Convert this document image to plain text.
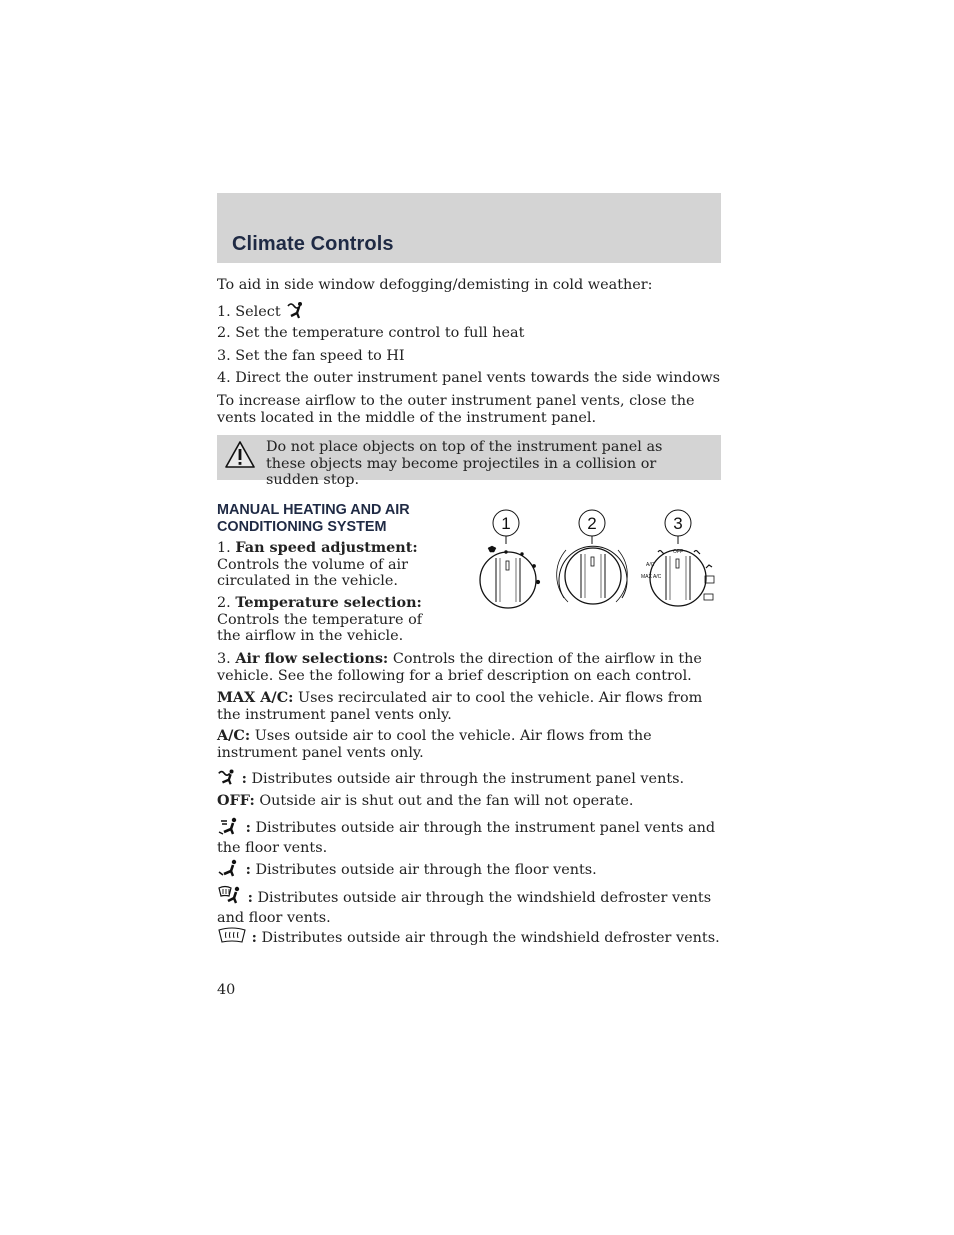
Climate Controls

To aid in side window defogging/demisting in cold weather:

1. Select

2. Set the temperature control to full heat

3. Set the fan speed to HI

4. Direct the outer instrument panel vents towards the side windows

To increase airflow to the outer instrument panel vents, close the vents located in the middle of the instrument panel.

Do not place objects on top of the instrument panel as these objects may become projectiles in a collision or sudden stop.

MANUAL HEATING AND AIR
CONDITIONING SYSTEM

1. Fan speed adjustment: Controls the volume of air circulated in the vehicle.

2. Temperature selection: Controls the temperature of the airflow in the vehicle.

3. Air flow selections: Controls the direction of the airflow in the vehicle. See the following for a brief description on each control.

1	2	3
OFF
A/C
MAX A/C

MAX A/C: Uses recirculated air to cool the vehicle. Air flows from the instrument panel vents only.

A/C: Uses outside air to cool the vehicle. Air flows from the instrument panel vents only.

: Distributes outside air through the instrument panel vents.

OFF: Outside air is shut out and the fan will not operate.

: Distributes outside air through the instrument panel vents and the floor vents.

: Distributes outside air through the floor vents.

: Distributes outside air through the windshield defroster vents and floor vents.

: Distributes outside air through the windshield defroster vents.

40
